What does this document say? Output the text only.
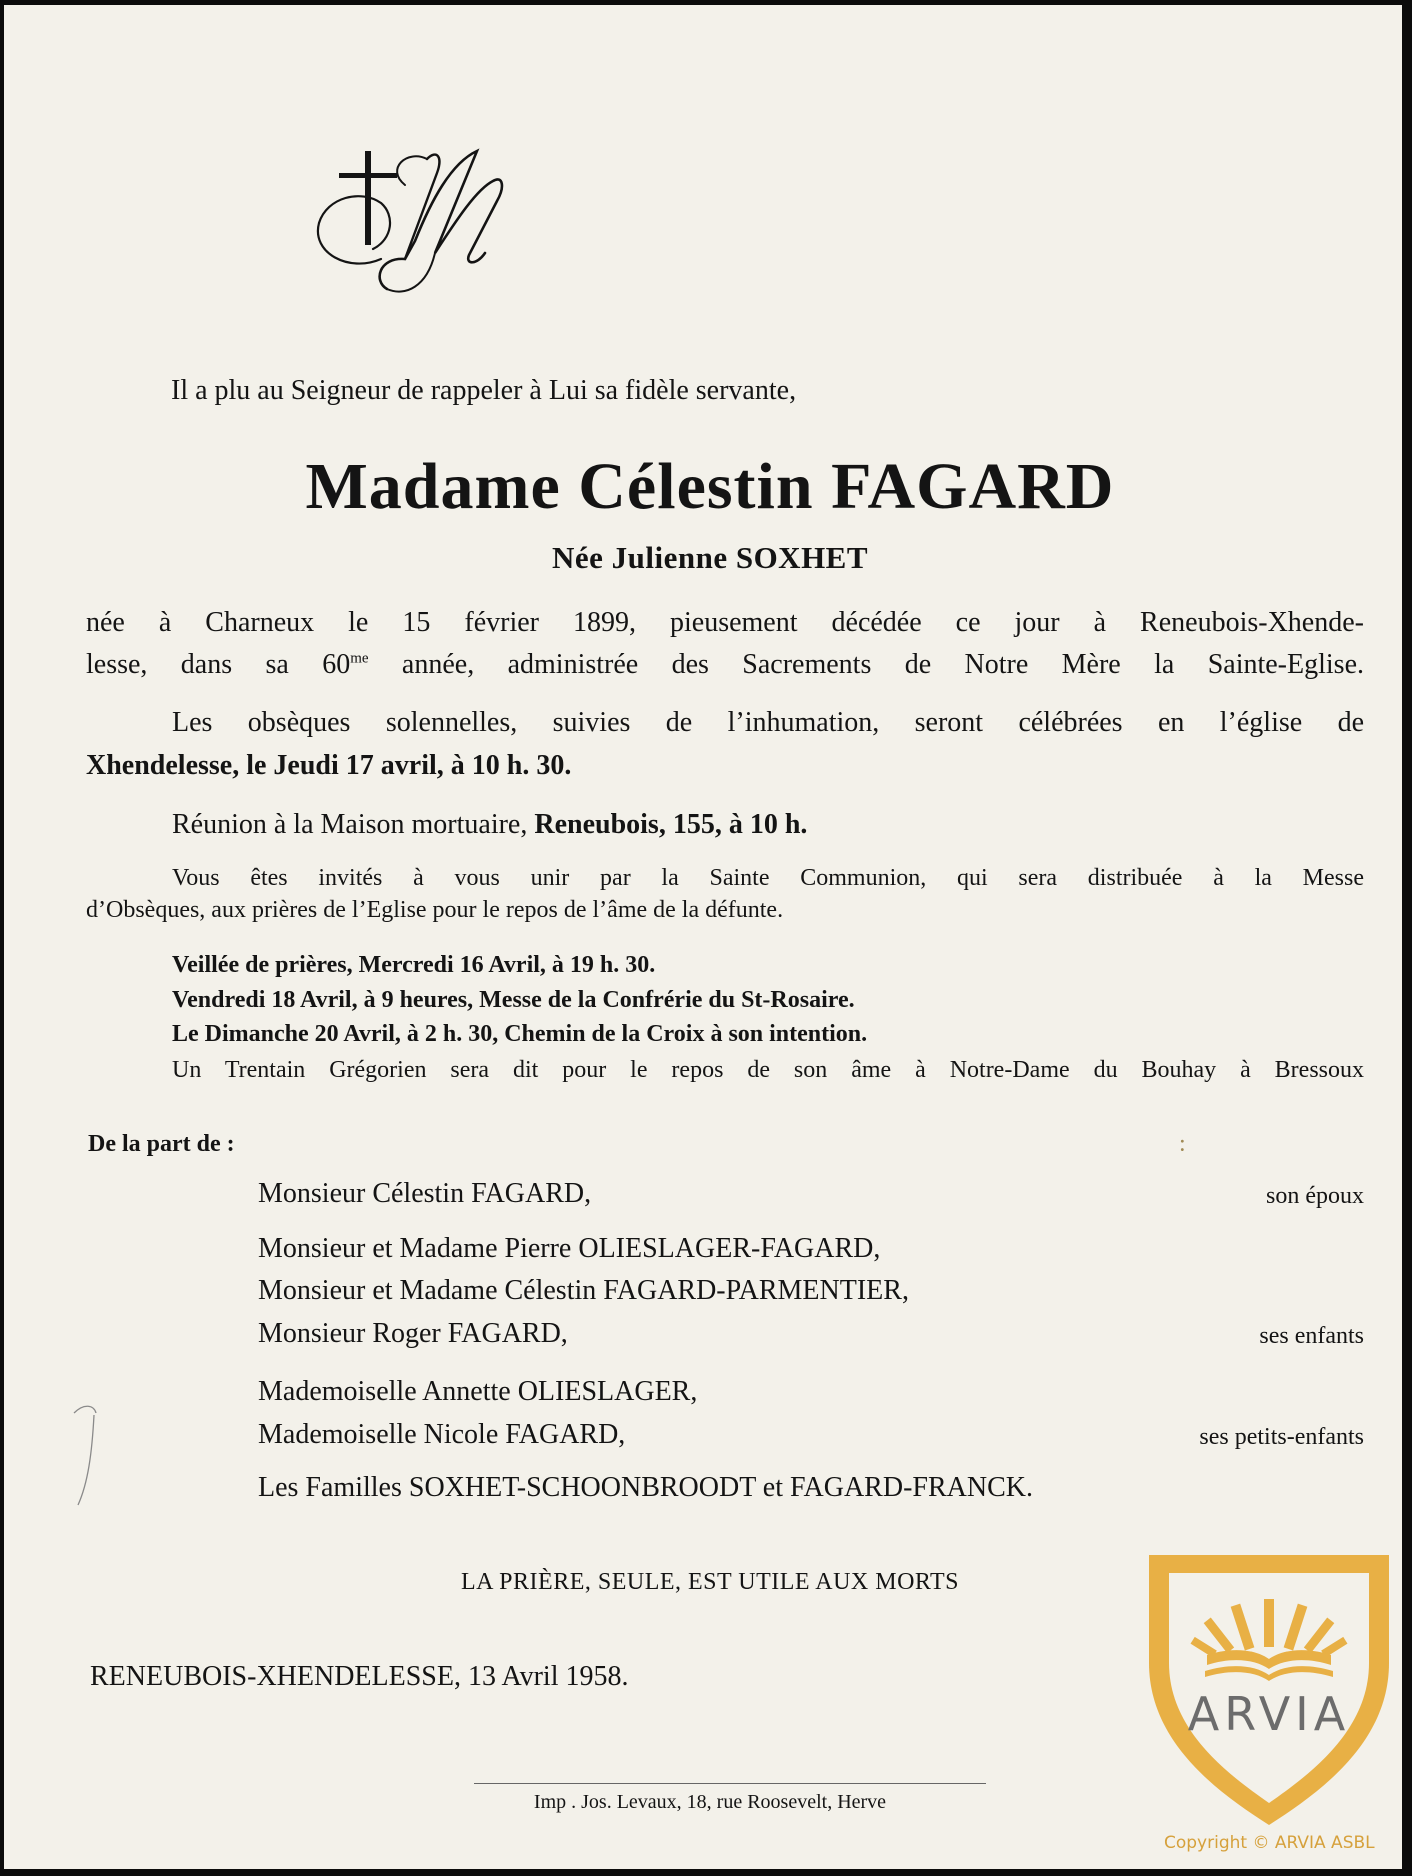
Il a plu au Seigneur de rappeler à Lui sa fidèle servante,
Madame Célestin FAGARD
Née Julienne SOXHET
née à Charneux le 15 février 1899, pieusement décédée ce jour à Reneubois-Xhende-
lesse, dans sa $60^{me}$ année, administrée des Sacrements de Notre Mère la Sainte-Eglise.
Les obsèques solennelles, suivies de l’inhumation, seront célébrées en l’église de
Xhendelesse, le Jeudi 17 avril, à 10 h. 30.
Réunion à la Maison mortuaire, Reneubois, 155, à 10 h.
Vous êtes invités à vous unir par la Sainte Communion, qui sera distribuée à la Messe
d’Obsèques, aux prières de l’Eglise pour le repos de l’âme de la défunte.
Veillée de prières, Mercredi 16 Avril, à 19 h. 30.
Vendredi 18 Avril, à 9 heures, Messe de la Confrérie du St-Rosaire.
Le Dimanche 20 Avril, à 2 h. 30, Chemin de la Croix à son intention.
Un Trentain Grégorien sera dit pour le repos de son âme à Notre-Dame du Bouhay à Bressoux
De la part de :	:
Monsieur Célestin FAGARD,	son époux
Monsieur et Madame Pierre OLIESLAGER-FAGARD,
Monsieur et Madame Célestin FAGARD-PARMENTIER,
Monsieur Roger FAGARD,	ses enfants
Mademoiselle Annette OLIESLAGER,
Mademoiselle Nicole FAGARD,	ses petits-enfants
Les Familles SOXHET-SCHOONBROODT et FAGARD-FRANCK.
LA PRIÈRE, SEULE, EST UTILE AUX MORTS
RENEUBOIS-XHENDELESSE, 13 Avril 1958.
Imp . Jos. Levaux, 18, rue Roosevelt, Herve
ARVIA
Copyright © ARVIA ASBL
